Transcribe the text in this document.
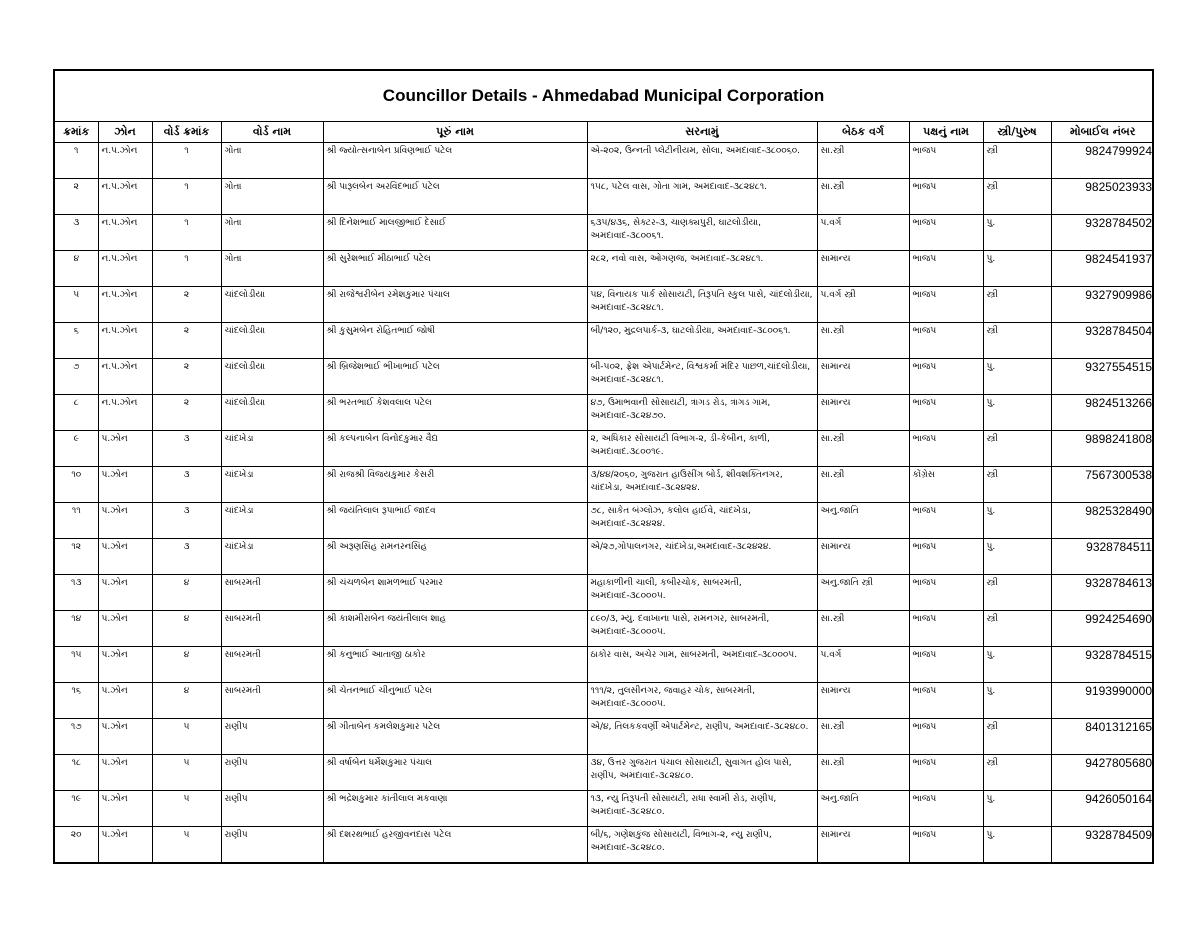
Councillor Details - Ahmedabad Municipal Corporation
ક્રમાંક	ઝોન	વોર્ડ ક્રમાંક	વોર્ડ નામ	પૂરું નામ	સરનામું	બેઠક વર્ગ	પક્ષનું નામ	સ્ત્રી/પુરુષ	મોબાઈલ નંબર
૧	ન.પ.ઝોન	૧	ગોતા	શ્રી જ્યોત્સનાબેન પ્રવિણભાઈ પટેલ	એ-૨૦૨, ઉન્નતી પ્લેટીનીયમ, સોલા, અમદાવાદ-૩૮૦૦૬૦.	સા.સ્ત્રી	ભાજપ	સ્ત્રી	9824799924
૨	ન.પ.ઝોન	૧	ગોતા	શ્રી પારૂલબેન અરવિંદભાઈ પટેલ	૧૫૮, પટેલ વાસ, ગોતા ગામ, અમદાવાદ-૩૮૨૪૮૧.	સા.સ્ત્રી	ભાજપ	સ્ત્રી	9825023933
૩	ન.પ.ઝોન	૧	ગોતા	શ્રી દિનેશભાઈ માલજીભાઈ દેસાઈ	૬૩૫/૪૩૬, સેક્ટર-૩, ચાણક્યપુરી, ઘાટલોડીયા, અમદાવાદ-૩૮૦૦૬૧.	પ.વર્ગ	ભાજપ	પુ.	9328784502
૪	ન.પ.ઝોન	૧	ગોતા	શ્રી સુરેશભાઈ મીઠાભાઈ પટેલ	૨૮૨, નવો વાસ, ઓગણજ, અમદાવાદ-૩૮૨૪૮૧.	સામાન્ય	ભાજપ	પુ.	9824541937
૫	ન.પ.ઝોન	૨	ચાંદલોડીયા	શ્રી રાજેશ્વરીબેન રમેશકુમાર પંચાલ	૫૪, વિનાયક પાર્ક સોસાયટી, તિરૂપતિ સ્કુલ પાસે, ચાંદલોડીયા, અમદાવાદ-૩૮૨૪૮૧.	પ.વર્ગ સ્ત્રી	ભાજપ	સ્ત્રી	9327909986
૬	ન.પ.ઝોન	૨	ચાંદલોડીયા	શ્રી કુસુમબેન રોહિતભાઈ જોષી	બી/૧૨૦, મુદ્રલપાર્ક-૩, ઘાટલોડીયા, અમદાવાદ-૩૮૦૦૬૧.	સા.સ્ત્રી	ભાજપ	સ્ત્રી	9328784504
૭	ન.પ.ઝોન	૨	ચાંદલોડીયા	શ્રી બ્રિજેશભાઈ ભીખાભાઈ પટેલ	બી-૫૦૨, ફ્રેશ એપાર્ટમેન્ટ, વિશ્વકર્મા મંદિર પાછળ,ચાંદલોડીયા, અમદાવાદ-૩૮૨૪૮૧.	સામાન્ય	ભાજપ	પુ.	9327554515
૮	ન.પ.ઝોન	૨	ચાંદલોડીયા	શ્રી ભરતભાઈ કેશવલાલ પટેલ	૪૭, ઉમાભવાની સોસાયટી, ત્રાગડ રોડ, ત્રાગડ ગામ, અમદાવાદ-૩૮૨૪૭૦.	સામાન્ય	ભાજપ	પુ.	9824513266
૯	પ.ઝોન	૩	ચાંદખેડા	શ્રી કલ્પનાબેન વિનોદકુમાર વૈદ્ય	૨, અધિકાર સોસાયટી વિભાગ-૨, ડી-કેબીન, કાળી, અમદાવાદ.૩૮૦૦૧૯.	સા.સ્ત્રી	ભાજપ	સ્ત્રી	9898241808
૧૦	પ.ઝોન	૩	ચાંદખેડા	શ્રી રાજશ્રી વિજયકુમાર કેસરી	૩/૪૪/૨૦૬૦, ગુજરાત હાઉસીંગ બોર્ડ, શીવશક્તિનગર, ચાંદખેડા, અમદાવાદ-૩૮૨૪૨૪.	સા.સ્ત્રી	કોંગ્રેસ	સ્ત્રી	7567300538
૧૧	પ.ઝોન	૩	ચાંદખેડા	શ્રી જયંતિલાલ રૂપાભાઈ જાદવ	૭૮, સાકેત બંગ્લોઝ, કલોલ હાઈવે, ચાંદખેડા, અમદાવાદ-૩૮૨૪૨૪.	અનુ.જાતિ	ભાજપ	પુ.	9825328490
૧૨	પ.ઝોન	૩	ચાંદખેડા	શ્રી અરૂણસિંહ રામનરનસિંહ	એ/૨૭,ગોપાલનગર, ચાંદખેડા,અમદાવાદ-૩૮૨૪૨૪.	સામાન્ય	ભાજપ	પુ.	9328784511
૧૩	પ.ઝોન	૪	સાબરમતી	શ્રી ચંચળબેન શામળભાઈ પરમાર	મહાકાળીની ચાલી, કબીરચોક, સાબરમતી, અમદાવાદ-૩૮૦૦૦૫.	અનુ.જાતિ સ્ત્રી	ભાજપ	સ્ત્રી	9328784613
૧૪	પ.ઝોન	૪	સાબરમતી	શ્રી કાશમીરાબેન જયંતીલાલ શાહ	૮૯૦/૩, મ્યુ. દવાખાના પાસે, રામનગર, સાબરમતી, અમદાવાદ-૩૮૦૦૦૫.	સા.સ્ત્રી	ભાજપ	સ્ત્રી	9924254690
૧૫	પ.ઝોન	૪	સાબરમતી	શ્રી કનુભાઈ આતાજી ઠાકોર	ઠાકોર વાસ, અચેર ગામ, સાબરમતી, અમદાવાદ-૩૮૦૦૦૫.	પ.વર્ગ	ભાજપ	પુ.	9328784515
૧૬	પ.ઝોન	૪	સાબરમતી	શ્રી ચેતનભાઈ ચીનુભાઈ પટેલ	૧૧૧/૨, તુલસીનગર, જવાહર ચોક, સાબરમતી, અમદાવાદ-૩૮૦૦૦૫.	સામાન્ય	ભાજપ	પુ.	9193990000
૧૭	પ.ઝોન	૫	રાણીપ	શ્રી ગીતાબેન કમલેશકુમાર પટેલ	એ/૪, તિલકકવર્ણી એપાર્ટમેન્ટ, રાણીપ, અમદાવાદ-૩૮૨૪૮૦.	સા.સ્ત્રી	ભાજપ	સ્ત્રી	8401312165
૧૮	પ.ઝોન	૫	રાણીપ	શ્રી વર્ષાબેન ધર્મેશકુમાર પંચાલ	૩૪, ઉત્તર ગુજરાત પંચાલ સોસાયટી, સુવાગત હોલ પાસે, રાણીપ, અમદાવાદ-૩૮૨૪૮૦.	સા.સ્ત્રી	ભાજપ	સ્ત્રી	9427805680
૧૯	પ.ઝોન	૫	રાણીપ	શ્રી ભદ્રેશકુમાર કાંતીલાલ મકવાણા	૧૩, ન્યુ તિરૂપતી સોસાયટી, રાધા સ્વામી રોડ, રાણીપ, અમદાવાદ-૩૮૨૪૮૦.	અનુ.જાતિ	ભાજપ	પુ.	9426050164
૨૦	પ.ઝોન	૫	રાણીપ	શ્રી દશરથભાઈ હરજીવનદાસ પટેલ	બી/૬, ગણેશકુંજ સોસાયટી, વિભાગ-૨, ન્યુ રાણીપ, અમદાવાદ-૩૮૨૪૮૦.	સામાન્ય	ભાજપ	પુ.	9328784509
